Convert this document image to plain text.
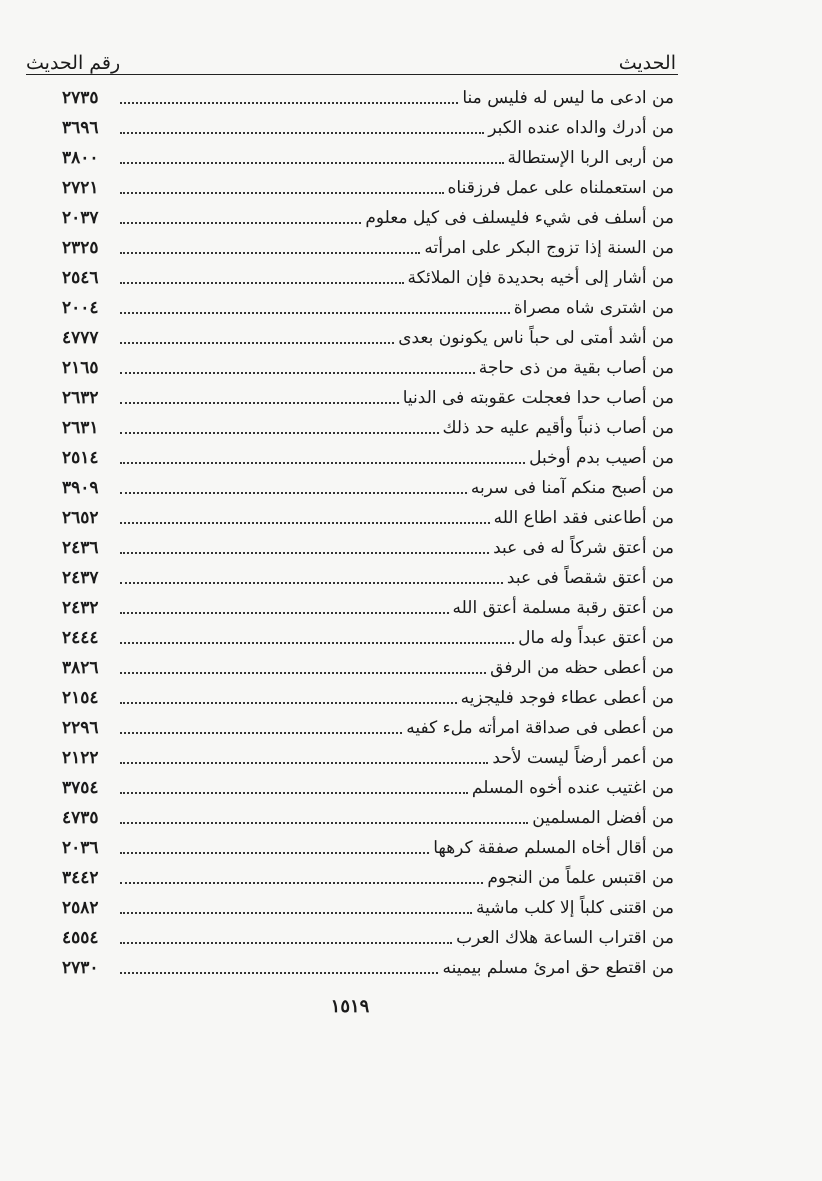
رقم الحديث	الحديث
من ادعى ما ليس له فليس منا
٢٧٣٥
من أدرك والداه عنده الكبر
٣٦٩٦
من أربى الربا الإستطالة
٣٨٠٠
من استعملناه على عمل فرزقناه
٢٧٢١
من أسلف فى شيء فليسلف فى كيل معلوم
٢٠٣٧
من السنة إذا تزوج البكر على امرأته
٢٣٢٥
من أشار إلى أخيه بحديدة فإن الملائكة
٢٥٤٦
من اشترى شاه مصراة
٢٠٠٤
من أشد أمتى لى حباً ناس يكونون بعدى
٤٧٧٧
من أصاب بقية من ذى حاجة
٢١٦٥
من أصاب حدا فعجلت عقوبته فى الدنيا
٢٦٣٢
من أصاب ذنباً وأقيم عليه حد ذلك
٢٦٣١
من أصيب بدم أوخبل
٢٥١٤
من أصبح منكم آمنا فى سربه
٣٩٠٩
من أطاعنى فقد اطاع الله
٢٦٥٢
من أعتق شركاً له فى عبد
٢٤٣٦
من أعتق شقصاً فى عبد
٢٤٣٧
من أعتق رقبة مسلمة أعتق الله
٢٤٣٢
من أعتق عبداً وله مال
٢٤٤٤
من أعطى حظه من الرفق
٣٨٢٦
من أعطى عطاء فوجد فليجزيه
٢١٥٤
من أعطى فى صداقة امرأته ملء كفيه
٢٢٩٦
من أعمر أرضاً ليست لأحد
٢١٢٢
من اغتيب عنده أخوه المسلم
٣٧٥٤
من أفضل المسلمين
٤٧٣٥
من أقال أخاه المسلم صفقة كرهها
٢٠٣٦
من اقتبس علماً من النجوم
٣٤٤٢
من اقتنى كلباً إلا كلب ماشية
٢٥٨٢
من اقتراب الساعة هلاك العرب
٤٥٥٤
من اقتطع حق امرئ مسلم بيمينه
٢٧٣٠
١٥١٩
